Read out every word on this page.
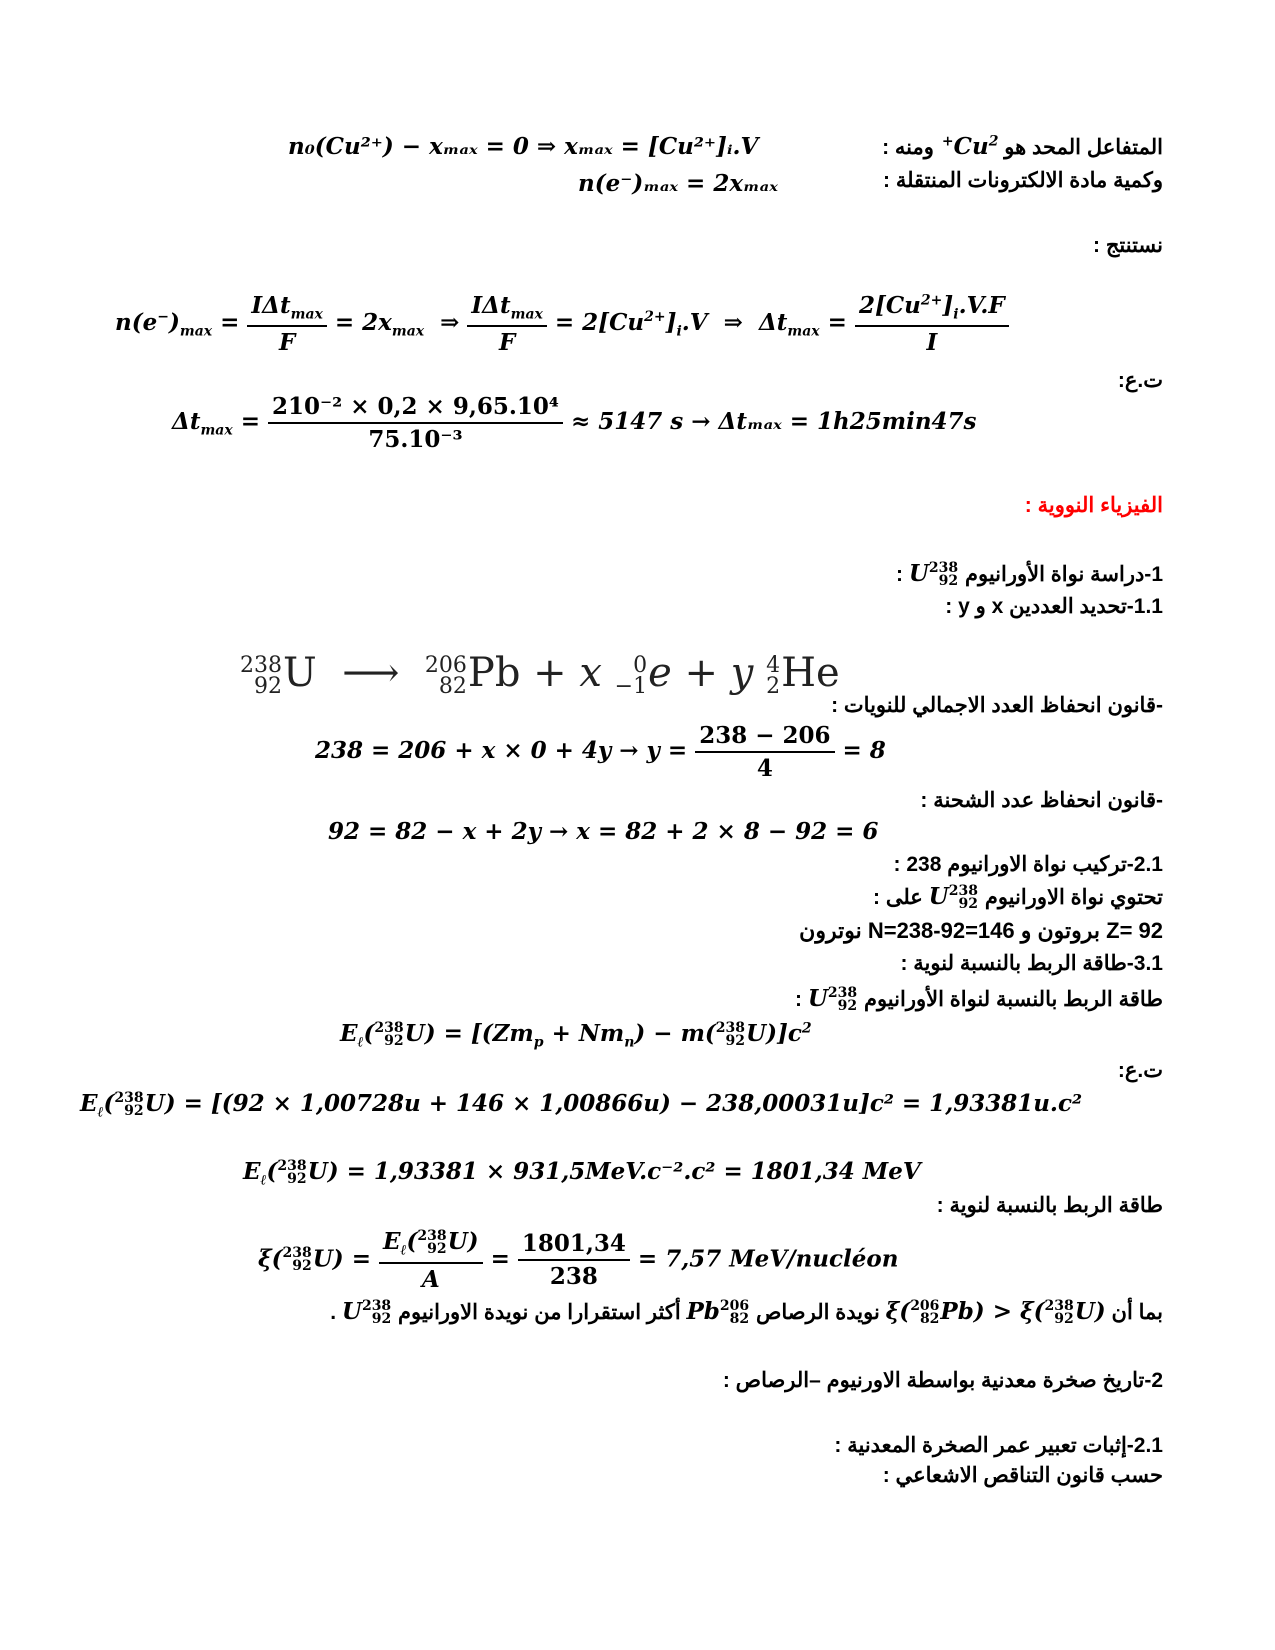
المتفاعل المحد هو $Cu^{2+}$ ومنه :
n₀(Cu²⁺) − xₘₐₓ = 0 ⇒ xₘₐₓ = [Cu²⁺]ᵢ.V
وكمية مادة الالكترونات المنتقلة :
n(e⁻)ₘₐₓ = 2xₘₐₓ
نستنتج :
$n(e^-)_{max} = \frac{I\Delta t_{max}}{F} = 2x_{max}$  ⇒ $\frac{I\Delta t_{max}}{F} = 2[Cu^{2+}]_i.V$  ⇒  $\Delta t_{max} = \frac{2[Cu^{2+}]_i.V.F}{I}$
ت.ع:
$\Delta t_{max} = \frac{\text{210⁻² × 0,2 × 9,65.10⁴}}{\text{75.10⁻³}} \approx 5147$ s → Δtₘₐₓ = 1h25min47s
الفيزياء النووية :
1-دراسة نواة الأورانيوم
238
92
U :
1.1-تحديد العددين x و y :
238
92 U  ⟶ 206
82 Pb + x	0
−1 e + y 4
2 He
-قانون انحفاظ العدد الاجمالي للنويات :
$238 = 206 + x \times 0 + 4y \to y = \frac{238 - 206}{4} = 8$
-قانون انحفاظ عدد الشحنة :
92 = 82 − x + 2y → x = 82 + 2 × 8 − 92 = 6
2.1-تركيب نواة الاورانيوم 238 :
تحتوي نواة الاورانيوم
238
92
U على :
Z= 92 بروتون و N=238-92=146 نوترون
3.1-طاقة الربط بالنسبة لنوية :
طاقة الربط بالنسبة لنواة الأورانيوم
238
92
U :
$E_\ell$( 238
92 $U) = [(Zm_p + Nm_n) - m$( 238
92 $U)]c^2$
ت.ع:
$E_\ell$( 238
92 U) = [(92 × 1,00728u + 146 × 1,00866u) − 238,00031u]c² = 1,93381u.c²
$E_\ell$( 238
92 U) = 1,93381 × 931,5MeV.c⁻².c² = 1801,34 MeV
طاقة الربط بالنسبة لنوية :
ξ( 238
92 $U) = E_\ell$( 238
92 U)
$A = \frac{1801,34}{238} = 7,57$ MeV/nucléon
بما أن ξ( 206
82 Pb) > ξ( 238
92 U) نويدة الرصاص
206
82
Pb أكثر استقرارا من نويدة الاورانيوم
238
92
U .
2-تاريخ صخرة معدنية بواسطة الاورنيوم –الرصاص :
2.1-إثبات تعبير عمر الصخرة المعدنية :
حسب قانون التناقص الاشعاعي :
